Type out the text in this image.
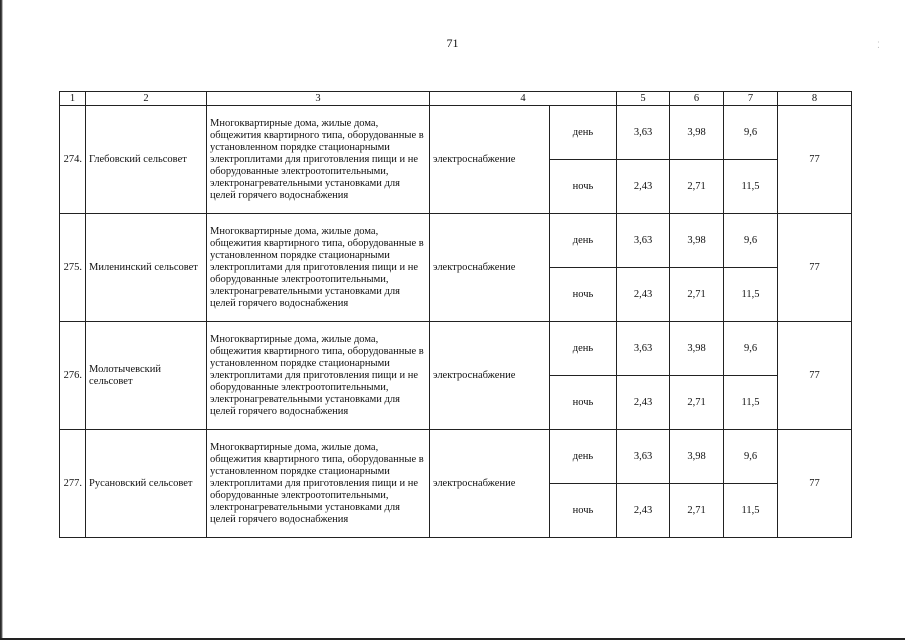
⁚
71
1	2	3	4		5	6	7	8
274.	Глебовский сельсовет	Многоквартирные дома, жилые дома, общежития квартирного типа, оборудованные в установленном порядке стационарными электроплитами для приготовления пищи и не оборудованные электроотопительными, электронагревательными установками для целей горячего водоснабжения	электроснабжение	день	3,63	3,98	9,6	77
				ночь	2,43	2,71	11,5	
275.	Миленинский сельсовет	Многоквартирные дома, жилые дома, общежития квартирного типа, оборудованные в установленном порядке стационарными электроплитами для приготовления пищи и не оборудованные электроотопительными, электронагревательными установками для целей горячего водоснабжения	электроснабжение	день	3,63	3,98	9,6	77
				ночь	2,43	2,71	11,5	
276.	Молотычевский сельсовет	Многоквартирные дома, жилые дома, общежития квартирного типа, оборудованные в установленном порядке стационарными электроплитами для приготовления пищи и не оборудованные электроотопительными, электронагревательными установками для целей горячего водоснабжения	электроснабжение	день	3,63	3,98	9,6	77
				ночь	2,43	2,71	11,5	
277.	Русановский сельсовет	Многоквартирные дома, жилые дома, общежития квартирного типа, оборудованные в установленном порядке стационарными электроплитами для приготовления пищи и не оборудованные электроотопительными, электронагревательными установками для целей горячего водоснабжения	электроснабжение	день	3,63	3,98	9,6	77
				ночь	2,43	2,71	11,5	
